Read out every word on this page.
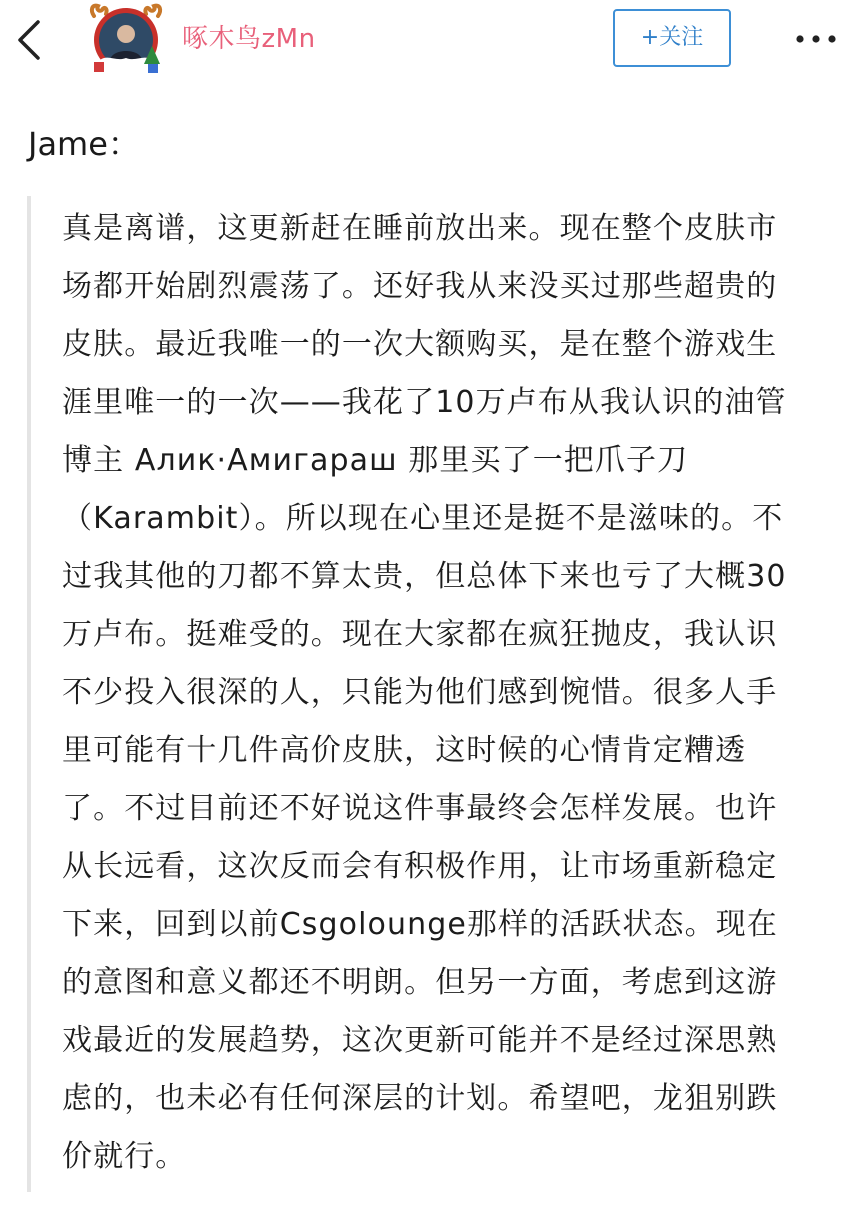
啄木鸟zMn	+关注
Jame：
真是离谱，这更新赶在睡前放出来。现在整个皮肤市
场都开始剧烈震荡了。还好我从来没买过那些超贵的
皮肤。最近我唯一的一次大额购买，是在整个游戏生
涯里唯一的一次——我花了10万卢布从我认识的油管
博主 Алик·Амигараш 那里买了一把爪子刀
（Karambit）。所以现在心里还是挺不是滋味的。不
过我其他的刀都不算太贵，但总体下来也亏了大概30
万卢布。挺难受的。现在大家都在疯狂抛皮，我认识
不少投入很深的人，只能为他们感到惋惜。很多人手
里可能有十几件高价皮肤，这时候的心情肯定糟透
了。不过目前还不好说这件事最终会怎样发展。也许
从长远看，这次反而会有积极作用，让市场重新稳定
下来，回到以前Csgolounge那样的活跃状态。现在
的意图和意义都还不明朗。但另一方面，考虑到这游
戏最近的发展趋势，这次更新可能并不是经过深思熟
虑的，也未必有任何深层的计划。希望吧，龙狙别跌
价就行。
